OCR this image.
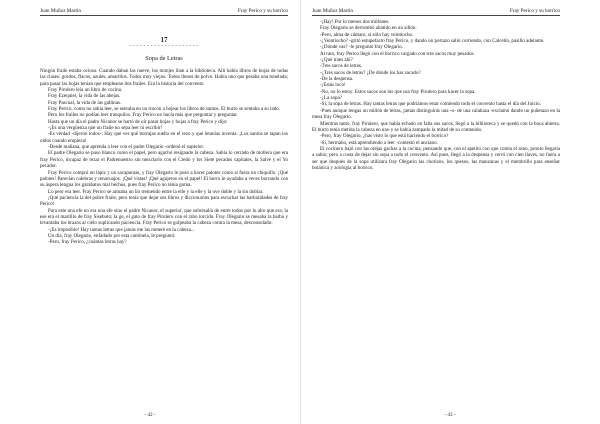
Juan Muñoz Martín	Fray Perico y su borrico
17
- - - - - - - - - - - - - - - - - - - -
Sopa de Letras

Ningún fraile estaba ocioso. Cuando daban las nueve, los monjes iban a la biblioteca. Allí había libros de hojas de todas las clases: gordos, flacos, azules, amarillos. Todos muy viejos. Todos llenos de polvo. Había uno que pesaba una tonelada; para pasar las hojas tenían que emplearse dos frailes. Era la historia del convento.

Fray Pirulero leía un libro de cocina.

Fray Ezequiel, la vida de las abejas.

Fray Pascual, la vida de las gallinas.

Fray Perico, como no sabía leer, se sentaba en un rincón a hojear los libros de santos. El burro se sentaba a su lado.

Pero los frailes no podían leer tranquilos. Fray Perico no hacía más que preguntar y preguntar.

Hasta que un día el padre Nicanor se hartó de oír pasar hojas y hojas a fray Perico y dijo:

-¡Es una vergüenza que un fraile no sepa leer ni escribir!

-Es verdad -dijeron todos-. Hay que ver qué borrajas suelta en el rezo y qué letanías inventa. ¡Los santos se tapan los oídos cuando empieza!

-Desde mañana, que aprenda a leer con el padre Olegario -ordenó el superior.

El padre Olegario se puso blanco como el papel, pero agachó resignado la cabeza. Sabía lo cerrado de mollera que era fray Perico, incapaz de rezar el Padrenuestro sin mezclarlo con el Credo y los Siete pecados capitales, la Salve y el Yo pecador.

Fray Perico compró un lápiz y un sacapuntas, y fray Olegario le puso a hacer palotes como si fuera un chiquillo. ¡Qué palotes! Parecían culebras y renacuajos. ¡Qué vistas! ¡Qué agujeros en el papel! El burro le ayudaba a veces borrando con su áspera lengua los garabatos mal hechos, pues fray Perico no tenía goma.

Lo peor era leer. Fray Perico se armaba un lío tremendo entre la elle y la elle y la uve doble y la sin doblar.

¡Qué paciencia la del pobre fraile, pero tenía que dejar sus libros y diccionarios para escuchar las barbaridades de fray Perico!

Para este una efe no era una efe sino el padre Nicanor, el superior, que sobresalía de entre todos por lo alto que era; la ese era el martillo de fray Sisebuto; la ge, el gato de fray Pirulero con el rabo torcido. Fray Olegario se mesaba la barba y levantaba los brazos al cielo suplicando paciencia. Fray Perico se golpeaba la cabeza contra la mesa, desconsolado:

-¡Es imposible! Hay tantas letras que jamás me las meteré en la cabeza...

Un día, fray Olegario, enfadado por esta cantinela, le preguntó:

-Pero, fray Perico, ¿cuántas letras hay?

- 42 -
Juan Muñoz Martín	Fray Perico y su borrico

-¡Hay! Por lo menos dos millones.

Fray Olegario se derrumbó abatido en un sillón.

-Pero, alma de cántaro, si sólo hay veintiocho.

-¿Veintiocho? -gritó estupefacto fray Perico, y dando un portazo salió corriendo, con Calcetín, pasillo adelante.

-¿Dónde vas? -le preguntó fray Olegario.

Al rato, fray Perico llegó con el borrico cargado con tres sacos muy pesados.

-¿Qué traes ahí?

-Tres sacos de letras.

-¿Tres sacos de letras? ¿De dónde los has sacado?

-De la despensa.

-¡Estás loco!

-No, no lo estoy. Estos sacos son los que usa fray Pirulero para hacer la sopa.

-¿La sopa?

-Sí, la sopa de letras. Hay tantas letras que podríamos estar comiendo todo el convento hasta el día del Juicio.

-Pues aunque tengas un millón de letras, jamás distinguirás una -o- de una calabaza -exclamó dando un puñetazo en la mesa fray Olegario.

Mientras tanto, fray Pirulero, que había echado en falta sus sacos, llegó a la biblioteca y se quedó con la boca abierta. El burro tenía metida la cabeza en uno y se había zampado la mitad de su contenido.

-Pero, fray Olegario, ¿has visto lo que está haciendo el borrico?

-Sí, hermano, está aprendiendo a leer -contestó el anciano.

El cocinero bajó con las orejas gachas a la cocina, pensando que, con el apetito con que comía el asno, pronto llegaría a sabio; pero a costa de dejar sin sopa a todo el convento. Así pues, llegó a la despensa y cerró con cien llaves, no fuera a ser que después de la sopa utilizara fray Olegario las chorizos, los quesos, las manzanas y el membrillo para enseñar botánica y zoología al borrico.

- 43 -
